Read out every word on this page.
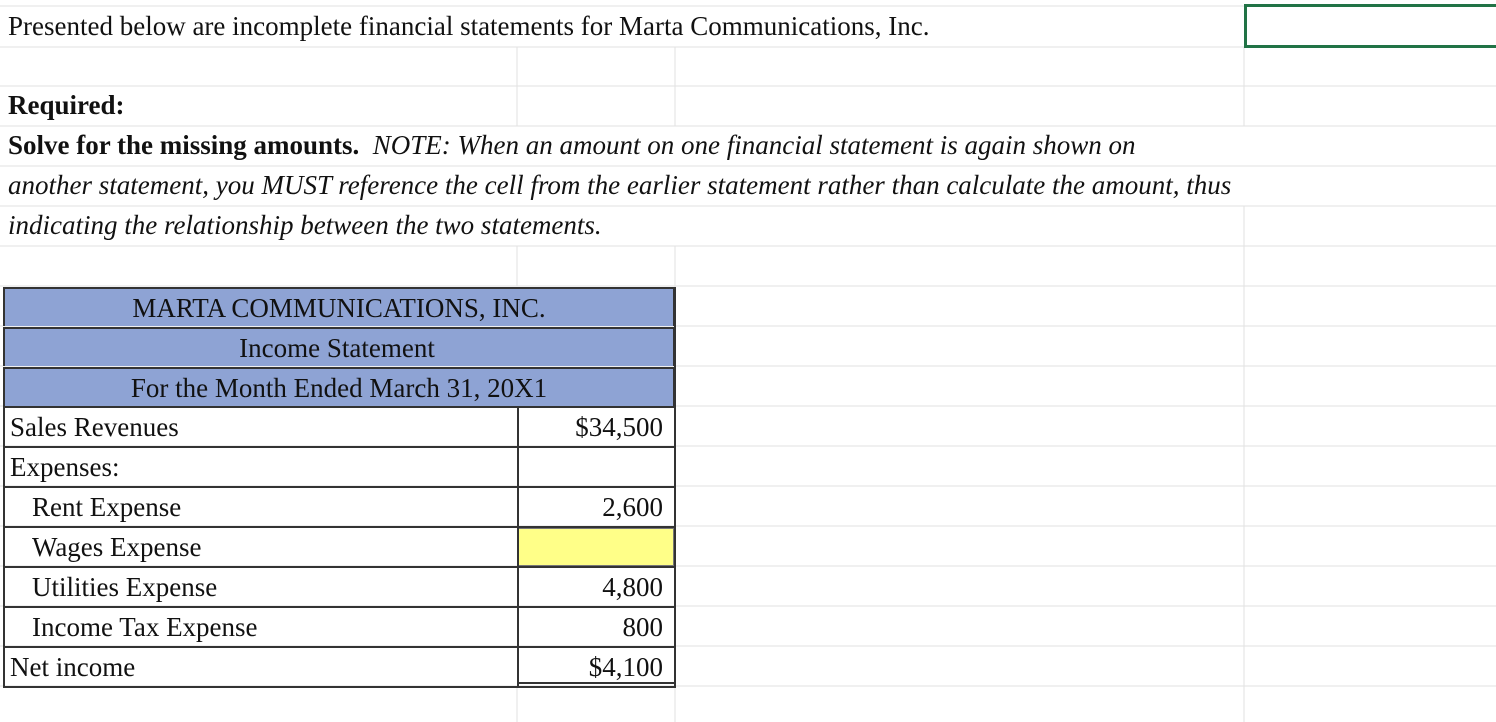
Presented below are incomplete financial statements for Marta Communications, Inc.
Required:
Solve for the missing amounts. NOTE: When an amount on one financial statement is again shown on
another statement, you MUST reference the cell from the earlier statement rather than calculate the amount, thus
indicating the relationship between the two statements.
MARTA COMMUNICATIONS, INC.
Income Statement
For the Month Ended March 31, 20X1
Sales Revenues
Expenses:
Rent Expense
Wages Expense
Utilities Expense
Income Tax Expense
Net income
$34,500
2,600
4,800
800
$4,100
